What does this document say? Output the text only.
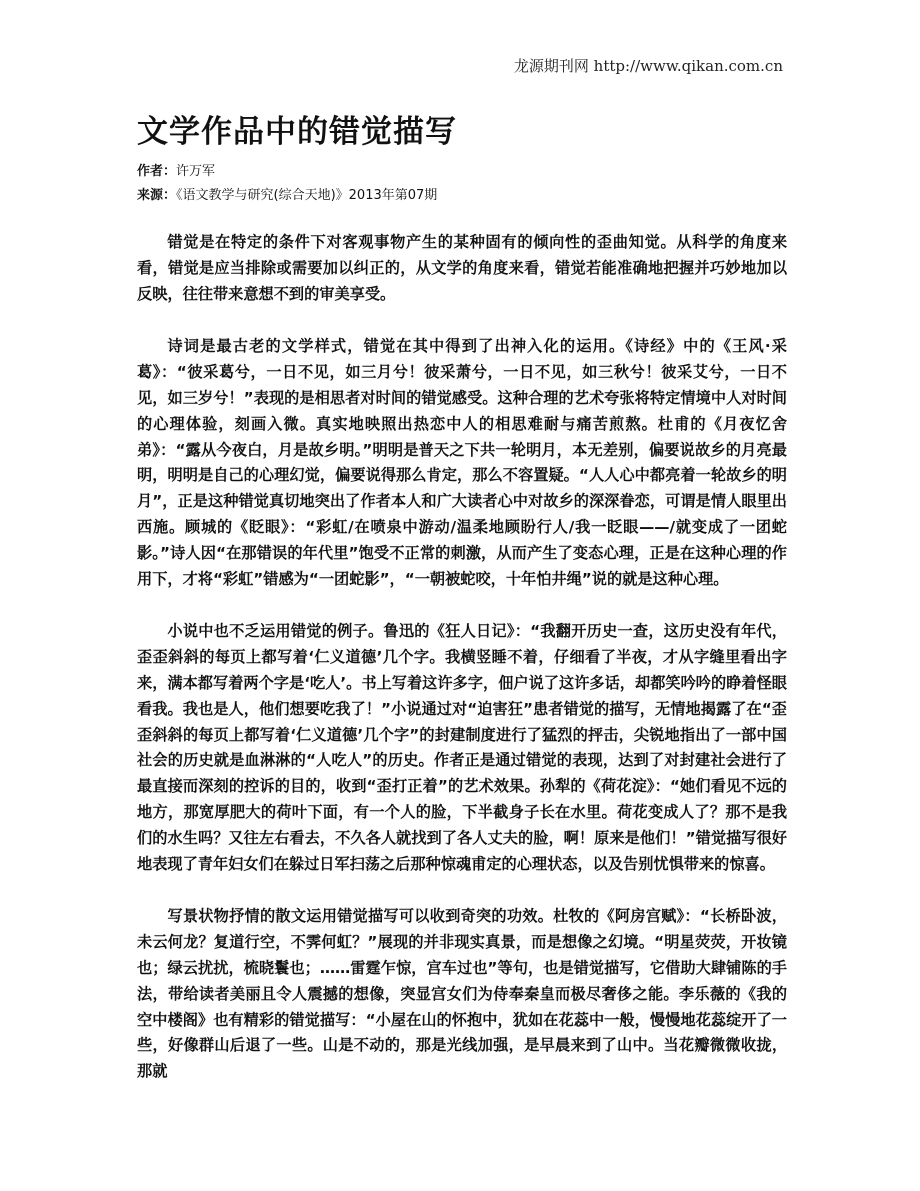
龙源期刊网 http://www.qikan.com.cn
文学作品中的错觉描写
作者：许万军
来源：《语文教学与研究(综合天地)》2013年第07期

错觉是在特定的条件下对客观事物产生的某种固有的倾向性的歪曲知觉。从科学的角度来看，错觉是应当排除或需要加以纠正的，从文学的角度来看，错觉若能准确地把握并巧妙地加以反映，往往带来意想不到的审美享受。

诗词是最古老的文学样式，错觉在其中得到了出神入化的运用。《诗经》中的《王风·采葛》：“彼采葛兮，一日不见，如三月兮！彼采萧兮，一日不见，如三秋兮！彼采艾兮，一日不见，如三岁兮！”表现的是相思者对时间的错觉感受。这种合理的艺术夸张将特定情境中人对时间的心理体验，刻画入微。真实地映照出热恋中人的相思难耐与痛苦煎熬。杜甫的《月夜忆舍弟》：“露从今夜白，月是故乡明。”明明是普天之下共一轮明月，本无差别，偏要说故乡的月亮最明，明明是自己的心理幻觉，偏要说得那么肯定，那么不容置疑。“人人心中都亮着一轮故乡的明月”，正是这种错觉真切地突出了作者本人和广大读者心中对故乡的深深眷恋，可谓是情人眼里出西施。顾城的《眨眼》：“彩虹/在喷泉中游动/温柔地顾盼行人/我一眨眼——/就变成了一团蛇影。”诗人因“在那错误的年代里”饱受不正常的刺激，从而产生了变态心理，正是在这种心理的作用下，才将“彩虹”错感为“一团蛇影”，“一朝被蛇咬，十年怕井绳”说的就是这种心理。

小说中也不乏运用错觉的例子。鲁迅的《狂人日记》：“我翻开历史一查，这历史没有年代，歪歪斜斜的每页上都写着‘仁义道德’几个字。我横竖睡不着，仔细看了半夜，才从字缝里看出字来，满本都写着两个字是‘吃人’。书上写着这许多字，佃户说了这许多话，却都笑吟吟的睁着怪眼看我。我也是人，他们想要吃我了！”小说通过对“迫害狂”患者错觉的描写，无情地揭露了在“歪歪斜斜的每页上都写着‘仁义道德’几个字”的封建制度进行了猛烈的抨击，尖锐地指出了一部中国社会的历史就是血淋淋的“人吃人”的历史。作者正是通过错觉的表现，达到了对封建社会进行了最直接而深刻的控诉的目的，收到“歪打正着”的艺术效果。孙犁的《荷花淀》：“她们看见不远的地方，那宽厚肥大的荷叶下面，有一个人的脸，下半截身子长在水里。荷花变成人了？那不是我们的水生吗？又往左右看去，不久各人就找到了各人丈夫的脸，啊！原来是他们！”错觉描写很好地表现了青年妇女们在躲过日军扫荡之后那种惊魂甫定的心理状态，以及告别忧惧带来的惊喜。

写景状物抒情的散文运用错觉描写可以收到奇突的功效。杜牧的《阿房宫赋》：“长桥卧波，未云何龙？复道行空，不霁何虹？”展现的并非现实真景，而是想像之幻境。“明星荧荧，开妆镜也；绿云扰扰，梳晓鬟也；……雷霆乍惊，宫车过也”等句，也是错觉描写，它借助大肆铺陈的手法，带给读者美丽且令人震撼的想像，突显宫女们为侍奉秦皇而极尽奢侈之能。李乐薇的《我的空中楼阁》也有精彩的错觉描写：“小屋在山的怀抱中，犹如在花蕊中一般，慢慢地花蕊绽开了一些，好像群山后退了一些。山是不动的，那是光线加强，是早晨来到了山中。当花瓣微微收拢，那就
